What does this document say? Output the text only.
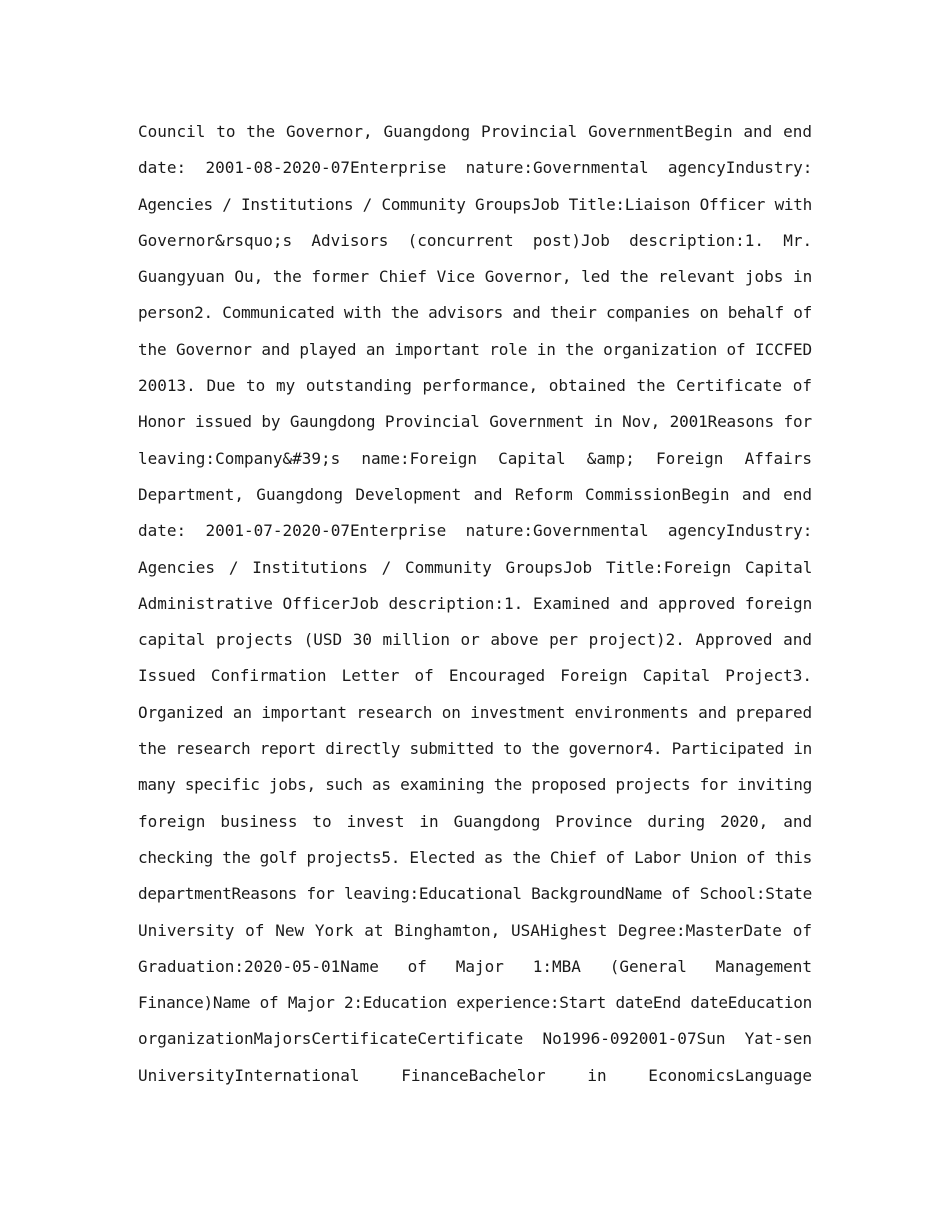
Council to the Governor, Guangdong Provincial GovernmentBegin and end
date: 2001-08-2020-07Enterprise nature:Governmental agencyIndustry:
Agencies / Institutions / Community GroupsJob Title:Liaison Officer with
Governor&rsquo;s Advisors (concurrent post)Job description:1. Mr.
Guangyuan Ou, the former Chief Vice Governor, led the relevant jobs in
person2. Communicated with the advisors and their companies on behalf of
the Governor and played an important role in the organization of ICCFED
20013. Due to my outstanding performance, obtained the Certificate of
Honor issued by Gaungdong Provincial Government in Nov, 2001Reasons for
leaving:Company&#39;s name:Foreign Capital &amp; Foreign Affairs
Department, Guangdong Development and Reform CommissionBegin and end
date: 2001-07-2020-07Enterprise nature:Governmental agencyIndustry:
Agencies / Institutions / Community GroupsJob Title:Foreign Capital
Administrative OfficerJob description:1. Examined and approved foreign
capital projects (USD 30 million or above per project)2. Approved and
Issued Confirmation Letter of Encouraged Foreign Capital Project3.
Organized an important research on investment environments and prepared
the research report directly submitted to the governor4. Participated in
many specific jobs, such as examining the proposed projects for inviting
foreign business to invest in Guangdong Province during 2020, and
checking the golf projects5. Elected as the Chief of Labor Union of this
departmentReasons for leaving:Educational BackgroundName of School:State
University of New York at Binghamton, USAHighest Degree:MasterDate of
Graduation:2020-05-01Name of Major 1:MBA (General Management
Finance)Name of Major 2:Education experience:Start dateEnd dateEducation
organizationMajorsCertificateCertificate No1996-092001-07Sun Yat-sen
UniversityInternational FinanceBachelor in EconomicsLanguage
